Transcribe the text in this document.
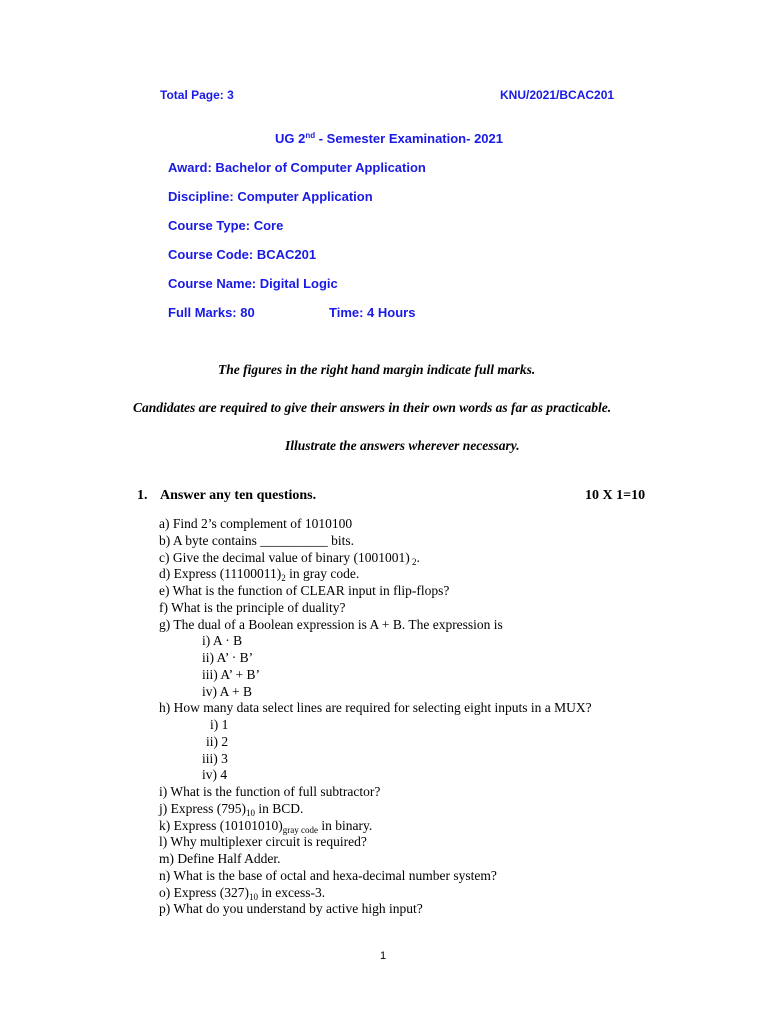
Total Page: 3	KNU/2021/BCAC201
UG 2nd - Semester Examination- 2021
Award: Bachelor of Computer Application
Discipline: Computer Application
Course Type: Core
Course Code: BCAC201
Course Name: Digital Logic
Full Marks: 80	Time: 4 Hours
The figures in the right hand margin indicate full marks.
Candidates are required to give their answers in their own words as far as practicable.
Illustrate the answers wherever necessary.
1. Answer any ten questions.	10 X 1=10
a) Find 2’s complement of 1010100
b) A byte contains __________ bits.
c) Give the decimal value of binary (1001001) $_2$.
d) Express $(11100011)_2$ in gray code.
e) What is the function of CLEAR input in flip-flops?
f) What is the principle of duality?
g) The dual of a Boolean expression is A + B. The expression is
i) A · B
ii) A’ · B’
iii) A’ + B’
iv) A + B
h) How many data select lines are required for selecting eight inputs in a MUX?
i) 1
ii) 2
iii) 3
iv) 4
i) What is the function of full subtractor?
j) Express $(795)_{10}$ in BCD.
k) Express $(10101010)_{gray code}$ in binary.
l) Why multiplexer circuit is required?
m) Define Half Adder.
n) What is the base of octal and hexa-decimal number system?
o) Express $(327)_{10}$ in excess-3.
p) What do you understand by active high input?
1
